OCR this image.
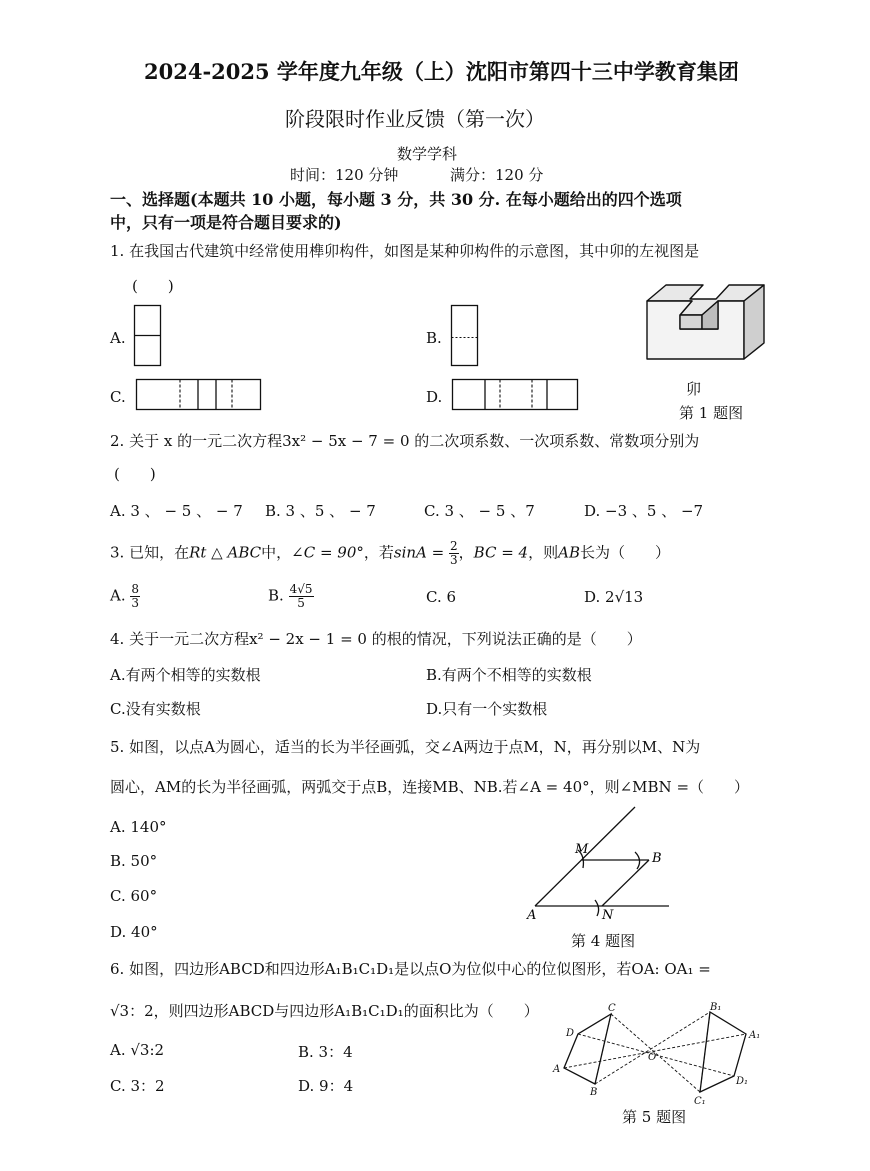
2024-2025 学年度九年级（上）沈阳市第四十三中学教育集团
阶段限时作业反馈（第一次）
数学学科
时间：120 分钟	满分：120 分
一、选择题(本题共 10 小题，每小题 3 分，共 30 分. 在每小题给出的四个选项
中，只有一项是符合题目要求的)
1. 在我国古代建筑中经常使用榫卯构件，如图是某种卯构件的示意图，其中卯的左视图是
(　　)
A.	B.
C.	D.	卯
第 1 题图
2. 关于 x 的一元二次方程3x² − 5x − 7 = 0 的二次项系数、一次项系数、常数项分别为
(　　)
A. 3 、 − 5 、 − 7 B. 3 、5 、 − 7	C. 3 、 − 5 、7	D. −3 、5 、 −7
3. 已知，在Rt △ ABC中，∠C = 90°，若$\sin A = \frac{2}{3}$ ，BC = 4，则AB长为（　　）
A. $\frac{8}{3}$	B. $\frac{4√5}{5}$	C. 6	D. 2√13
4. 关于一元二次方程x² − 2x − 1 = 0 的根的情况，下列说法正确的是（　　）
A.有两个相等的实数根	B.有两个不相等的实数根
C.没有实数根	D.只有一个实数根
5. 如图，以点A为圆心，适当的长为半径画弧，交∠A两边于点M，N，再分别以M、N为
圆心，AM的长为半径画弧，两弧交于点B，连接MB、NB.若∠A = 40°，则∠MBN =（　　）
A. 140°
B. 50°
C. 60°
D. 40°
M
B
A	N
第 4 题图
6. 如图，四边形ABCD和四边形A₁B₁C₁D₁是以点O为位似中心的位似图形，若OA: OA₁ =
√3：2，则四边形ABCD与四边形A₁B₁C₁D₁的面积比为（　　）
A. √3:2	B. 3：4
C. 3：2	D. 9：4
C
D
A
B
O
B₁
A₁
D₁
C₁
第 5 题图
